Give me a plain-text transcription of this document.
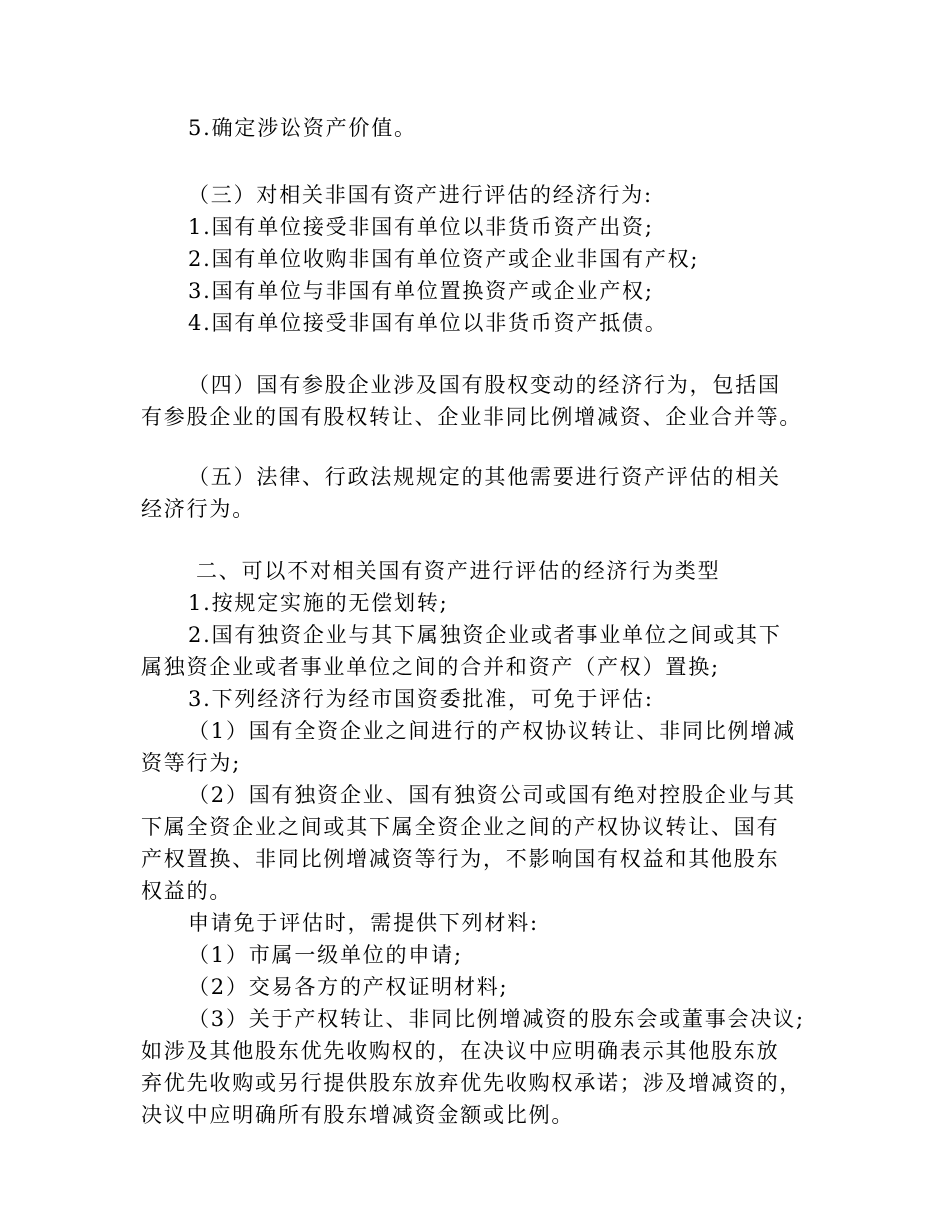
5.确定涉讼资产价值。

（三）对相关非国有资产进行评估的经济行为:

1.国有单位接受非国有单位以非货币资产出资;

2.国有单位收购非国有单位资产或企业非国有产权;

3.国有单位与非国有单位置换资产或企业产权;

4.国有单位接受非国有单位以非货币资产抵债。

（四）国有参股企业涉及国有股权变动的经济行为，包括国

有参股企业的国有股权转让、企业非同比例增减资、企业合并等。

（五）法律、行政法规规定的其他需要进行资产评估的相关

经济行为。

二、可以不对相关国有资产进行评估的经济行为类型

1.按规定实施的无偿划转;

2.国有独资企业与其下属独资企业或者事业单位之间或其下

属独资企业或者事业单位之间的合并和资产（产权）置换;

3.下列经济行为经市国资委批准，可免于评估:

（1）国有全资企业之间进行的产权协议转让、非同比例增减

资等行为;

（2）国有独资企业、国有独资公司或国有绝对控股企业与其

下属全资企业之间或其下属全资企业之间的产权协议转让、国有

产权置换、非同比例增减资等行为，不影响国有权益和其他股东

权益的。

申请免于评估时，需提供下列材料:

（1）市属一级单位的申请;

（2）交易各方的产权证明材料;

（3）关于产权转让、非同比例增减资的股东会或董事会决议;

如涉及其他股东优先收购权的，在决议中应明确表示其他股东放

弃优先收购或另行提供股东放弃优先收购权承诺；涉及增减资的，

决议中应明确所有股东增减资金额或比例。
